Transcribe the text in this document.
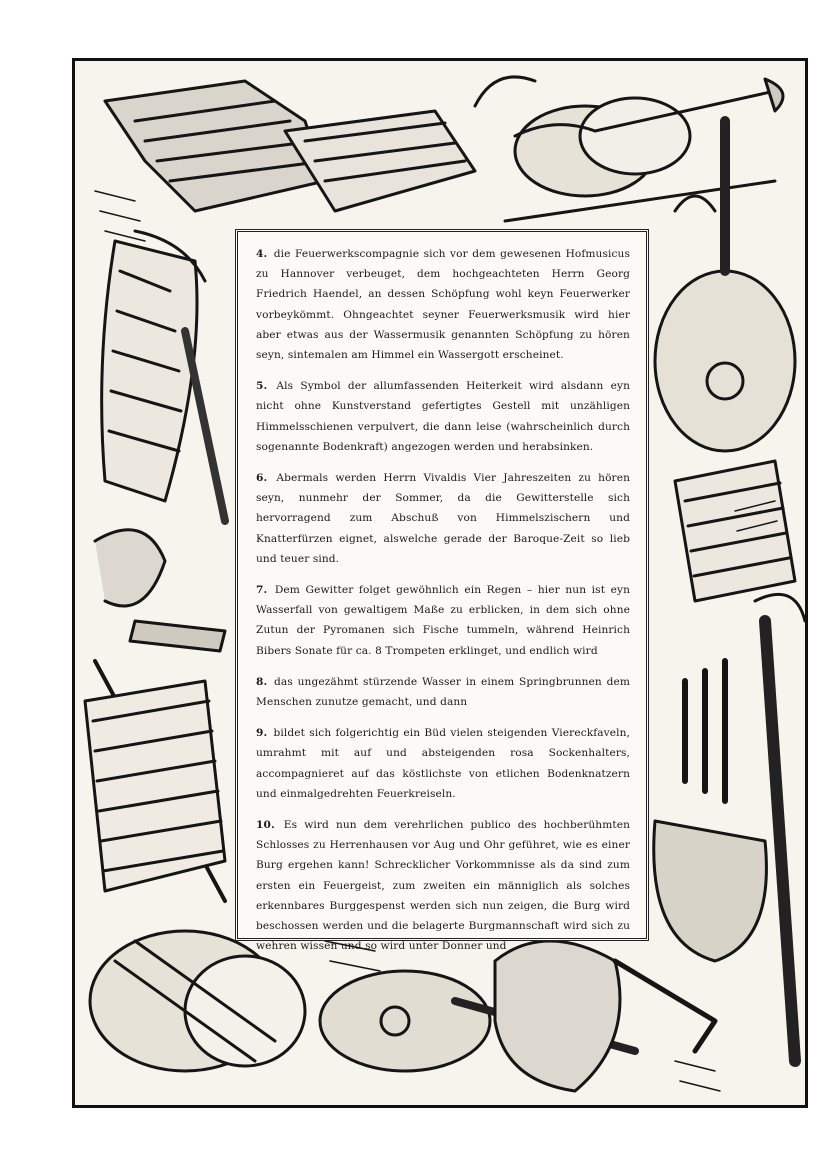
4. die Feuerwerkscompagnie sich vor dem gewesenen Hofmusicus zu Hannover verbeuget, dem hochgeachteten Herrn Georg Friedrich Haendel, an dessen Schöpfung wohl keyn Feuerwerker vorbeykömmt. Ohngeachtet seyner Feuerwerksmusik wird hier aber etwas aus der Wassermusik genannten Schöpfung zu hören seyn, sintemalen am Himmel ein Wassergott erscheinet.

5. Als Symbol der allumfassenden Heiterkeit wird alsdann eyn nicht ohne Kunstverstand gefertigtes Gestell mit unzähligen Himmelsschienen verpulvert, die dann leise (wahrscheinlich durch sogenannte Bodenkraft) angezogen werden und herabsinken.

6. Abermals werden Herrn Vivaldis Vier Jahreszeiten zu hören seyn, nunmehr der Sommer, da die Gewitterstelle sich hervorragend zum Abschuß von Himmelszischern und Knatterfürzen eignet, alswelche gerade der Baroque-Zeit so lieb und teuer sind.

7. Dem Gewitter folget gewöhnlich ein Regen – hier nun ist eyn Wasserfall von gewaltigem Maße zu erblicken, in dem sich ohne Zutun der Pyromanen sich Fische tummeln, während Heinrich Bibers Sonate für ca. 8 Trompeten erklinget, und endlich wird

8. das ungezähmt stürzende Wasser in einem Springbrunnen dem Menschen zunutze gemacht, und dann

9. bildet sich folgerichtig ein Büd vielen steigenden Viereckfaveln, umrahmt mit auf und absteigenden rosa Sockenhalters, accompagnieret auf das köstlichste von etlichen Bodenknatzern und einmalgedrehten Feuerkreiseln.

10. Es wird nun dem verehrlichen publico des hochberühmten Schlosses zu Herrenhausen vor Aug und Ohr geführet, wie es einer Burg ergehen kann! Schrecklicher Vorkommnisse als da sind zum ersten ein Feuergeist, zum zweiten ein männiglich als solches erkennbares Burggespenst werden sich nun zeigen, die Burg wird beschossen werden und die belagerte Burgmannschaft wird sich zu wehren wissen und so wird unter Donner und
